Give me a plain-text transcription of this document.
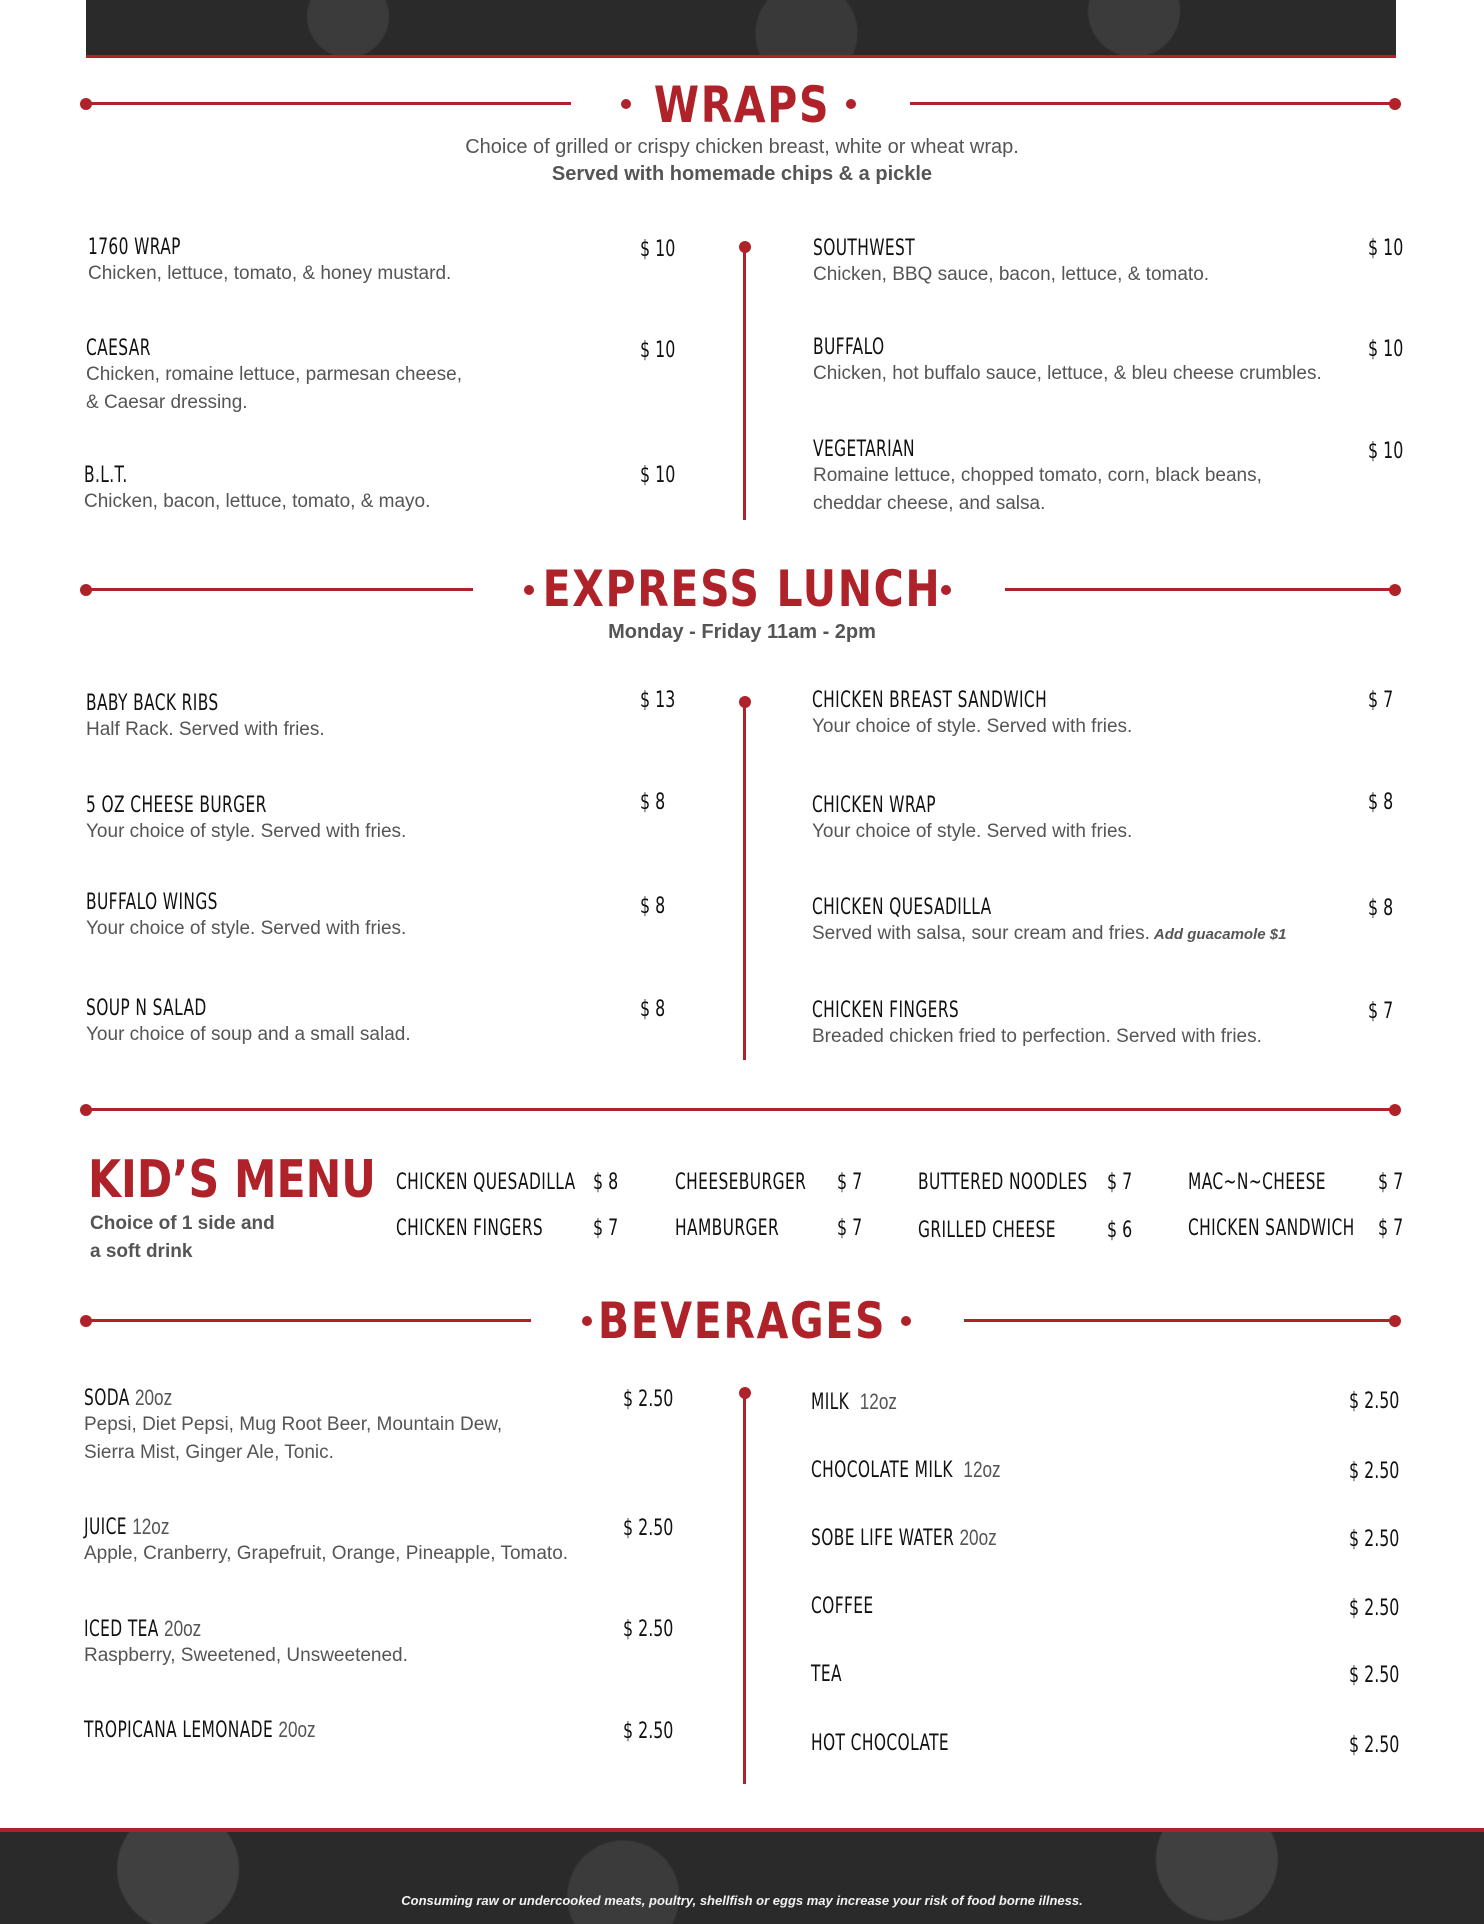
WRAPS
Choice of grilled or crispy chicken breast, white or wheat wrap.
Served with homemade chips & a pickle
1760 WRAP
Chicken, lettuce, tomato, & honey mustard.
$ 10
CAESAR
Chicken, romaine lettuce, parmesan cheese,
& Caesar dressing.
$ 10
B.L.T.
Chicken, bacon, lettuce, tomato, & mayo.
$ 10
SOUTHWEST
Chicken, BBQ sauce, bacon, lettuce, & tomato.
$ 10
BUFFALO
Chicken, hot buffalo sauce, lettuce, & bleu cheese crumbles.
$ 10
VEGETARIAN
Romaine lettuce, chopped tomato, corn, black beans,
cheddar cheese, and salsa.
$ 10
EXPRESS LUNCH
Monday - Friday 11am - 2pm
BABY BACK RIBS
Half Rack. Served with fries.
$ 13
5 OZ CHEESE BURGER
Your choice of style. Served with fries.
$ 8
BUFFALO WINGS
Your choice of style. Served with fries.
$ 8
SOUP N SALAD
Your choice of soup and a small salad.
$ 8
CHICKEN BREAST SANDWICH
Your choice of style. Served with fries.
$ 7
CHICKEN WRAP
Your choice of style. Served with fries.
$ 8
CHICKEN QUESADILLA
Served with salsa, sour cream and fries. Add guacamole $1
$ 8
CHICKEN FINGERS
Breaded chicken fried to perfection. Served with fries.
$ 7
KID’S MENU
Choice of 1 side and
a soft drink
CHICKEN QUESADILLA $ 8
CHICKEN FINGERS	$ 7
CHEESEBURGER	$ 7
HAMBURGER	$ 7
BUTTERED NOODLES $ 7
GRILLED CHEESE	$ 6
MAC~N~CHEESE	$ 7
CHICKEN SANDWICH	$ 7
BEVERAGES
SODA 20oz
Pepsi, Diet Pepsi, Mug Root Beer, Mountain Dew,
Sierra Mist, Ginger Ale, Tonic.
$ 2.50
JUICE 12oz
Apple, Cranberry, Grapefruit, Orange, Pineapple, Tomato.
$ 2.50
ICED TEA 20oz
Raspberry, Sweetened, Unsweetened.
$ 2.50
TROPICANA LEMONADE 20oz	$ 2.50
MILK 12oz	$ 2.50
CHOCOLATE MILK 12oz	$ 2.50
SOBE LIFE WATER 20oz	$ 2.50
COFFEE	$ 2.50
TEA	$ 2.50
HOT CHOCOLATE	$ 2.50
Consuming raw or undercooked meats, poultry, shellfish or eggs may increase your risk of food borne illness.
